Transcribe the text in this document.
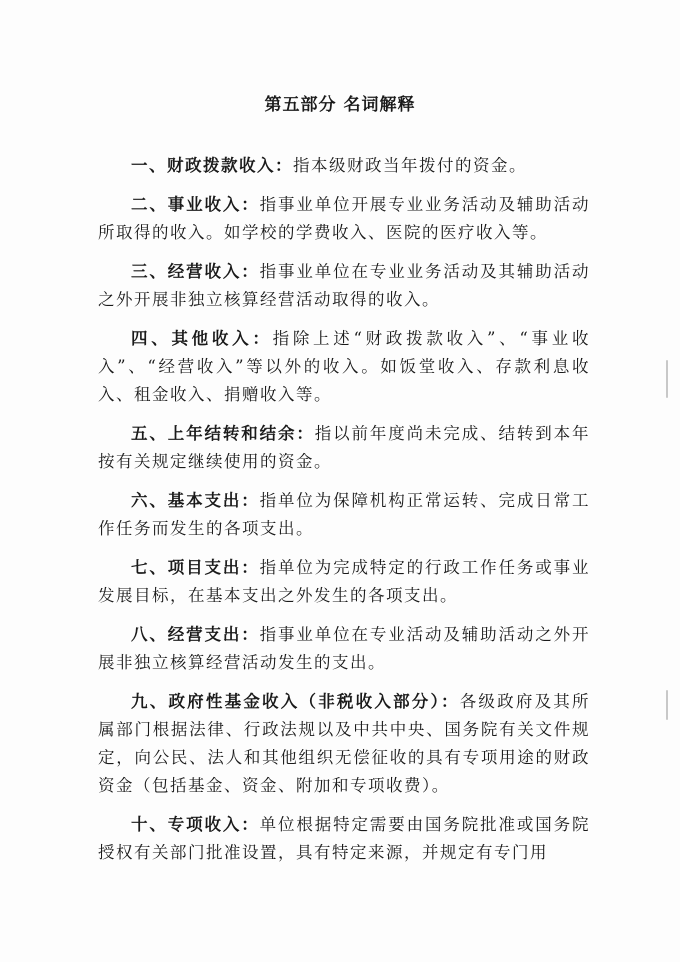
第五部分 名词解释

一、财政拨款收入：指本级财政当年拨付的资金。

二、事业收入：指事业单位开展专业业务活动及辅助活动所取得的收入。如学校的学费收入、医院的医疗收入等。

三、经营收入：指事业单位在专业业务活动及其辅助活动之外开展非独立核算经营活动取得的收入。

四、其他收入：指除上述“财政拨款收入”、“事业收入”、“经营收入”等以外的收入。如饭堂收入、存款利息收入、租金收入、捐赠收入等。

五、上年结转和结余：指以前年度尚未完成、结转到本年按有关规定继续使用的资金。

六、基本支出：指单位为保障机构正常运转、完成日常工作任务而发生的各项支出。

七、项目支出：指单位为完成特定的行政工作任务或事业发展目标，在基本支出之外发生的各项支出。

八、经营支出：指事业单位在专业活动及辅助活动之外开展非独立核算经营活动发生的支出。

九、政府性基金收入（非税收入部分）：各级政府及其所属部门根据法律、行政法规以及中共中央、国务院有关文件规定，向公民、法人和其他组织无偿征收的具有专项用途的财政资金（包括基金、资金、附加和专项收费）。

十、专项收入：单位根据特定需要由国务院批准或国务院授权有关部门批准设置，具有特定来源，并规定有专门用
